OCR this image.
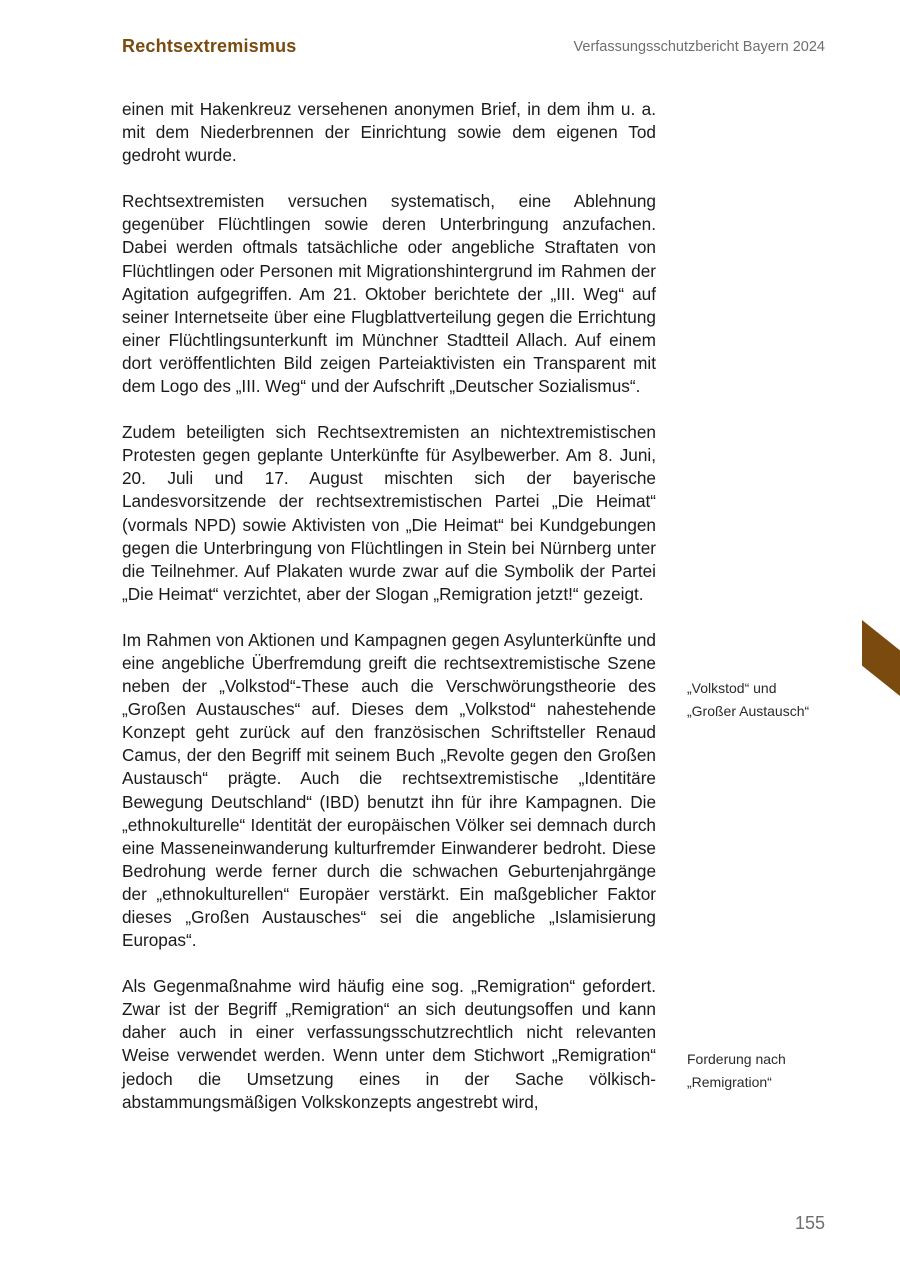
Rechtsextremismus	Verfassungsschutzbericht Bayern 2024

einen mit Hakenkreuz versehenen anonymen Brief, in dem ihm u. a. mit dem Niederbrennen der Einrichtung sowie dem eigenen Tod gedroht wurde.

Rechtsextremisten versuchen systematisch, eine Ablehnung gegenüber Flüchtlingen sowie deren Unterbringung anzufachen. Dabei werden oftmals tatsächliche oder angebliche Straftaten von Flüchtlingen oder Personen mit Migrationshintergrund im Rahmen der Agitation aufgegriffen. Am 21. Oktober berichtete der „III. Weg“ auf seiner Internetseite über eine Flugblattverteilung gegen die Errichtung einer Flüchtlingsunterkunft im Münchner Stadtteil Allach. Auf einem dort veröffentlichten Bild zeigen Parteiaktivisten ein Transparent mit dem Logo des „III. Weg“ und der Aufschrift „Deutscher Sozialismus“.

Zudem beteiligten sich Rechtsextremisten an nichtextremistischen Protesten gegen geplante Unterkünfte für Asylbewerber. Am 8. Juni, 20. Juli und 17. August mischten sich der bayerische Landesvorsitzende der rechtsextremistischen Partei „Die Heimat“ (vormals NPD) sowie Aktivisten von „Die Heimat“ bei Kundgebungen gegen die Unterbringung von Flüchtlingen in Stein bei Nürnberg unter die Teilnehmer. Auf Plakaten wurde zwar auf die Symbolik der Partei „Die Heimat“ verzichtet, aber der Slogan „Remigration jetzt!“ gezeigt.

Im Rahmen von Aktionen und Kampagnen gegen Asylunterkünfte und eine angebliche Überfremdung greift die rechtsextremistische Szene neben der „Volkstod“-These auch die Verschwörungstheorie des „Großen Austausches“ auf. Dieses dem „Volkstod“ nahestehende Konzept geht zurück auf den französischen Schriftsteller Renaud Camus, der den Begriff mit seinem Buch „Revolte gegen den Großen Austausch“ prägte. Auch die rechtsextremistische „Identitäre Bewegung Deutschland“ (IBD) benutzt ihn für ihre Kampagnen. Die „ethnokulturelle“ Identität der europäischen Völker sei demnach durch eine Masseneinwanderung kulturfremder Einwanderer bedroht. Diese Bedrohung werde ferner durch die schwachen Geburtenjahrgänge der „ethnokulturellen“ Europäer verstärkt. Ein maßgeblicher Faktor dieses „Großen Austausches“ sei die angebliche „Islamisierung Europas“.

Als Gegenmaßnahme wird häufig eine sog. „Remigration“ gefordert. Zwar ist der Begriff „Remigration“ an sich deutungsoffen und kann daher auch in einer verfassungsschutzrechtlich nicht relevanten Weise verwendet werden. Wenn unter dem Stichwort „Remigration“ jedoch die Umsetzung eines in der Sache völkisch-abstammungsmäßigen Volkskonzepts angestrebt wird,

„Volkstod“ und
„Großer Austausch“
Forderung nach
„Remigration“
155
